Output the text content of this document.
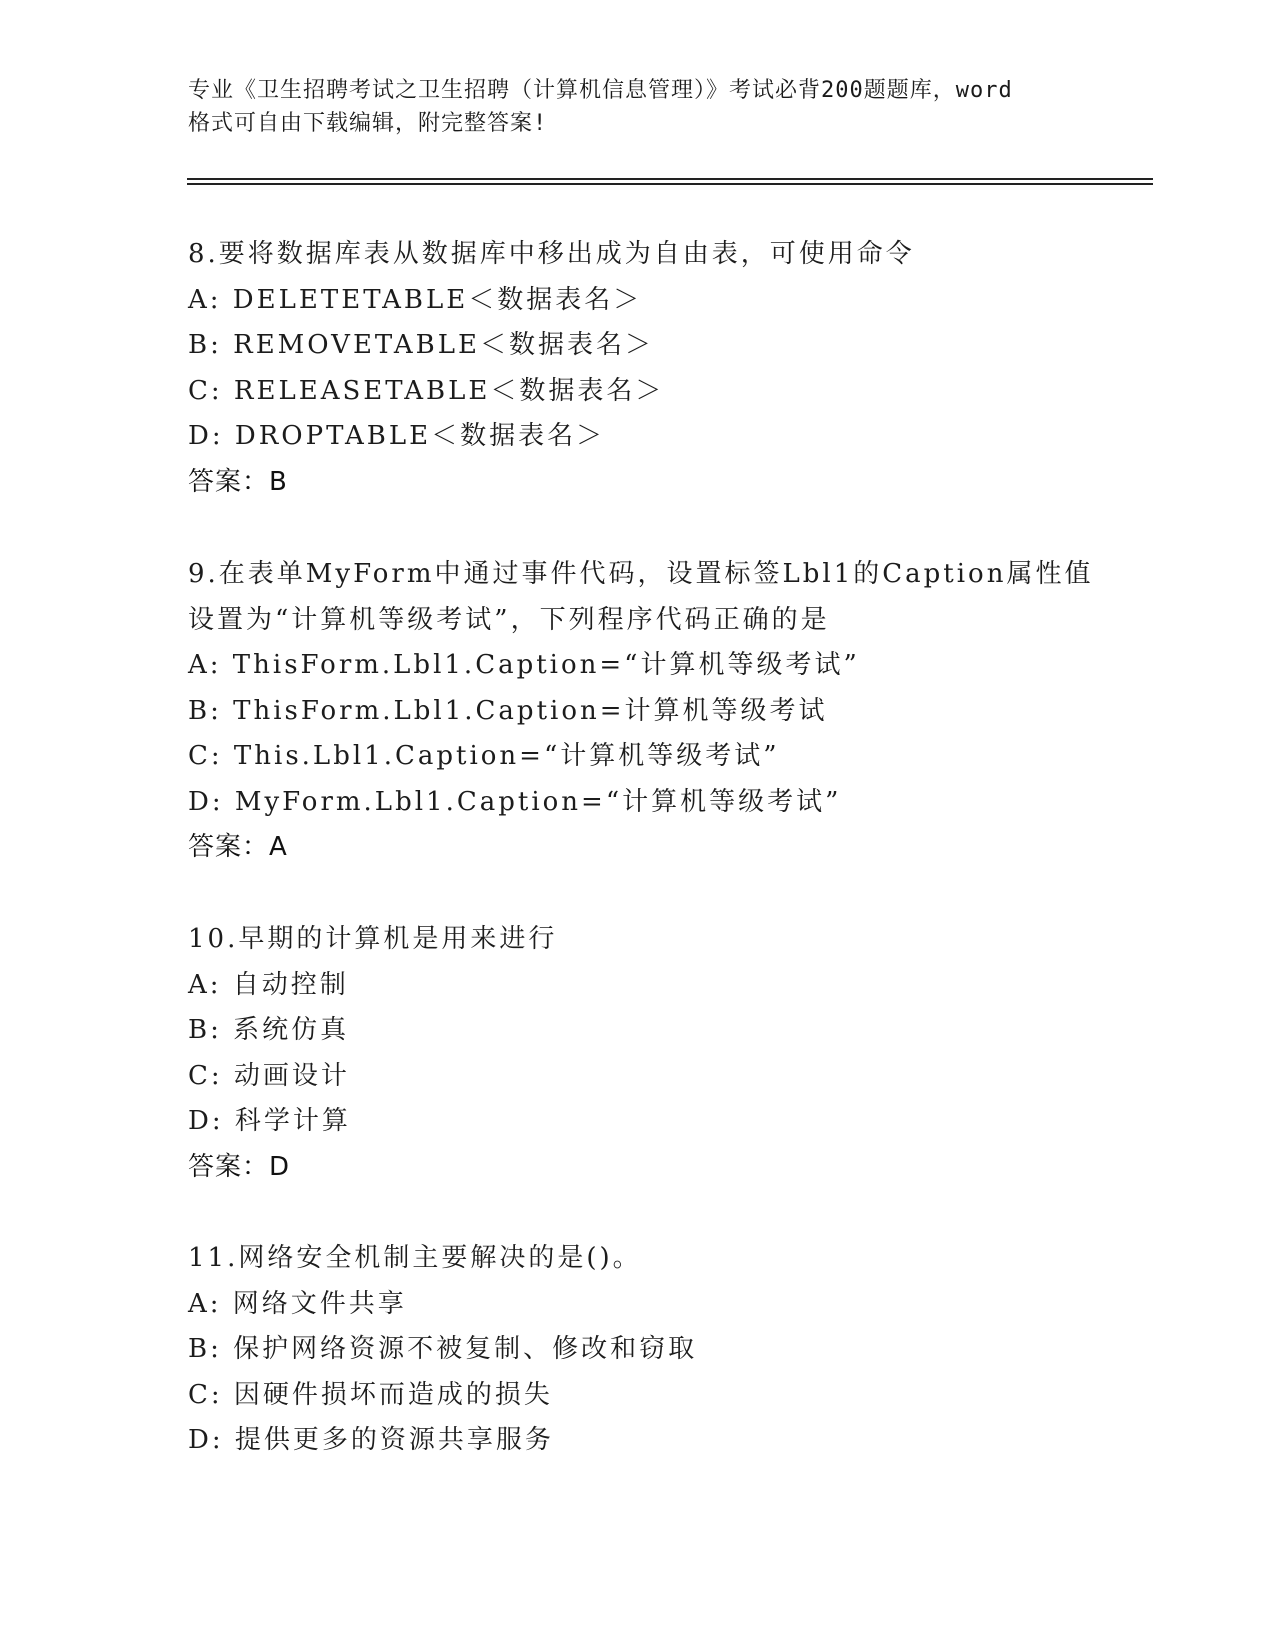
专业《卫生招聘考试之卫生招聘（计算机信息管理）》考试必背200题题库，word

格式可自由下载编辑，附完整答案!

8.要将数据库表从数据库中移出成为自由表，可使用命令

A: DELETETABLE＜数据表名＞

B: REMOVETABLE＜数据表名＞

C: RELEASETABLE＜数据表名＞

D: DROPTABLE＜数据表名＞

答案：B

9.在表单MyForm中通过事件代码，设置标签Lbl1的Caption属性值

设置为“计算机等级考试”，下列程序代码正确的是

A: ThisForm.Lbl1.Caption=“计算机等级考试”

B: ThisForm.Lbl1.Caption=计算机等级考试

C: This.Lbl1.Caption=“计算机等级考试”

D: MyForm.Lbl1.Caption=“计算机等级考试”

答案：A

10.早期的计算机是用来进行

A: 自动控制

B: 系统仿真

C: 动画设计

D: 科学计算

答案：D

11.网络安全机制主要解决的是()。

A: 网络文件共享

B: 保护网络资源不被复制、修改和窃取

C: 因硬件损坏而造成的损失

D: 提供更多的资源共享服务
